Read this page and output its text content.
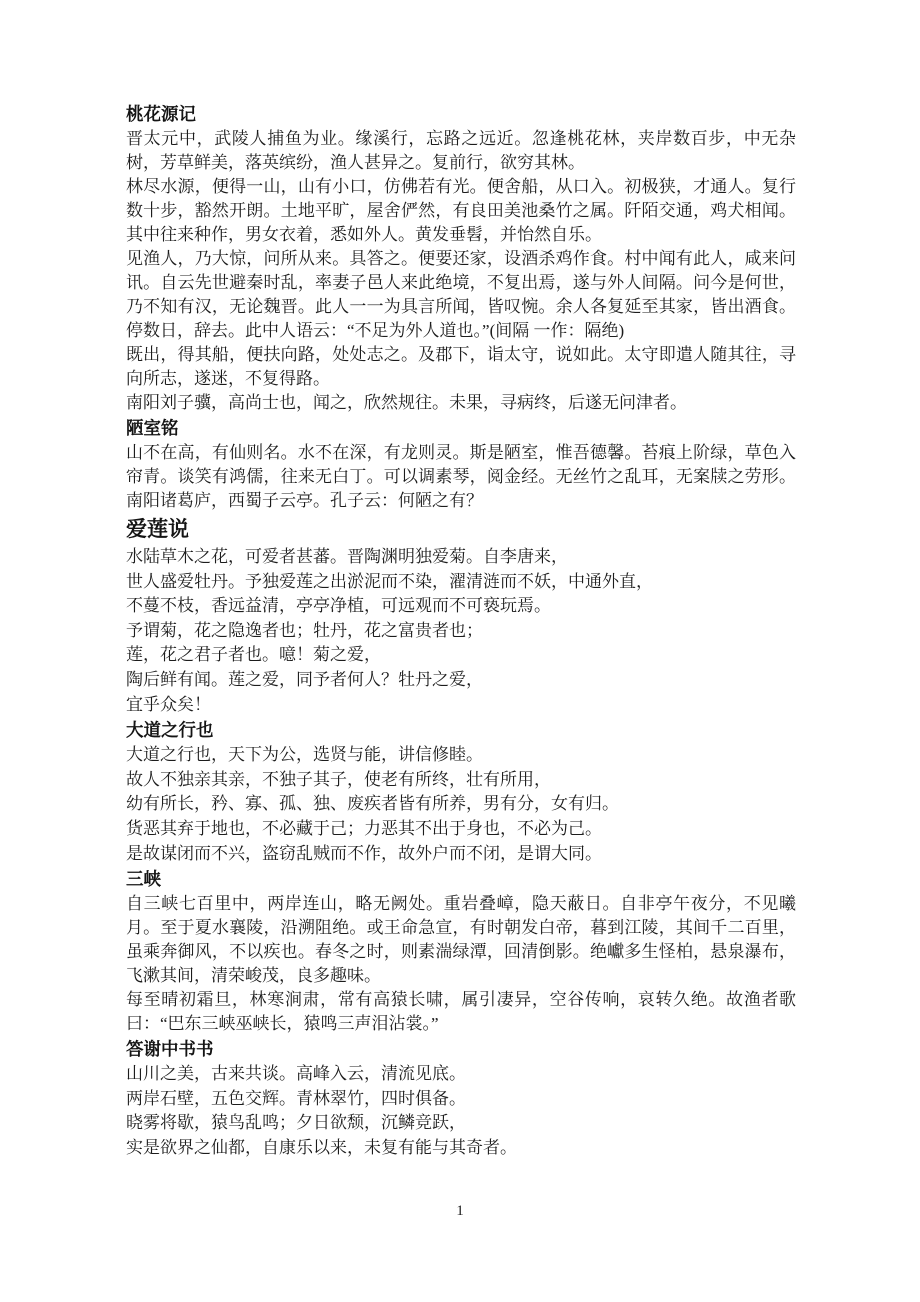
桃花源记

晋太元中，武陵人捕鱼为业。缘溪行，忘路之远近。忽逢桃花林，夹岸数百步，中无杂树，芳草鲜美，落英缤纷，渔人甚异之。复前行，欲穷其林。

林尽水源，便得一山，山有小口，仿佛若有光。便舍船，从口入。初极狭，才通人。复行数十步，豁然开朗。土地平旷，屋舍俨然，有良田美池桑竹之属。阡陌交通，鸡犬相闻。其中往来种作，男女衣着，悉如外人。黄发垂髫，并怡然自乐。

见渔人，乃大惊，问所从来。具答之。便要还家，设酒杀鸡作食。村中闻有此人，咸来问讯。自云先世避秦时乱，率妻子邑人来此绝境，不复出焉，遂与外人间隔。问今是何世，乃不知有汉，无论魏晋。此人一一为具言所闻，皆叹惋。余人各复延至其家，皆出酒食。停数日，辞去。此中人语云：“不足为外人道也。”(间隔 一作：隔绝)

既出，得其船，便扶向路，处处志之。及郡下，诣太守，说如此。太守即遣人随其往，寻向所志，遂迷，不复得路。

南阳刘子骥，高尚士也，闻之，欣然规往。未果，寻病终，后遂无问津者。

陋室铭

山不在高，有仙则名。水不在深，有龙则灵。斯是陋室，惟吾德馨。苔痕上阶绿，草色入帘青。谈笑有鸿儒，往来无白丁。可以调素琴，阅金经。无丝竹之乱耳，无案牍之劳形。南阳诸葛庐，西蜀子云亭。孔子云：何陋之有？

爱莲说
水陆草木之花，可爱者甚蕃。晋陶渊明独爱菊。自李唐来，
世人盛爱牡丹。予独爱莲之出淤泥而不染，濯清涟而不妖，中通外直，
不蔓不枝，香远益清，亭亭净植，可远观而不可亵玩焉。
予谓菊，花之隐逸者也；牡丹，花之富贵者也；
莲，花之君子者也。噫！菊之爱，
陶后鲜有闻。莲之爱，同予者何人？牡丹之爱，
宜乎众矣！
大道之行也
大道之行也，天下为公，选贤与能，讲信修睦。
故人不独亲其亲，不独子其子，使老有所终，壮有所用，
幼有所长，矜、寡、孤、独、废疾者皆有所养，男有分，女有归。
货恶其弃于地也，不必藏于己；力恶其不出于身也，不必为己。
是故谋闭而不兴，盗窃乱贼而不作，故外户而不闭，是谓大同。
三峡

自三峡七百里中，两岸连山，略无阙处。重岩叠嶂，隐天蔽日。自非亭午夜分，不见曦月。至于夏水襄陵，沿溯阻绝。或王命急宣，有时朝发白帝，暮到江陵，其间千二百里，虽乘奔御风，不以疾也。春冬之时，则素湍绿潭，回清倒影。绝巘多生怪柏，悬泉瀑布，飞漱其间，清荣峻茂，良多趣味。

每至晴初霜旦，林寒涧肃，常有高猿长啸，属引凄异，空谷传响，哀转久绝。故渔者歌曰：“巴东三峡巫峡长，猿鸣三声泪沾裳。”

答谢中书书
山川之美，古来共谈。高峰入云，清流见底。
两岸石壁，五色交辉。青林翠竹，四时俱备。
晓雾将歇，猿鸟乱鸣；夕日欲颓，沉鳞竞跃，
实是欲界之仙都，自康乐以来，未复有能与其奇者。
1
